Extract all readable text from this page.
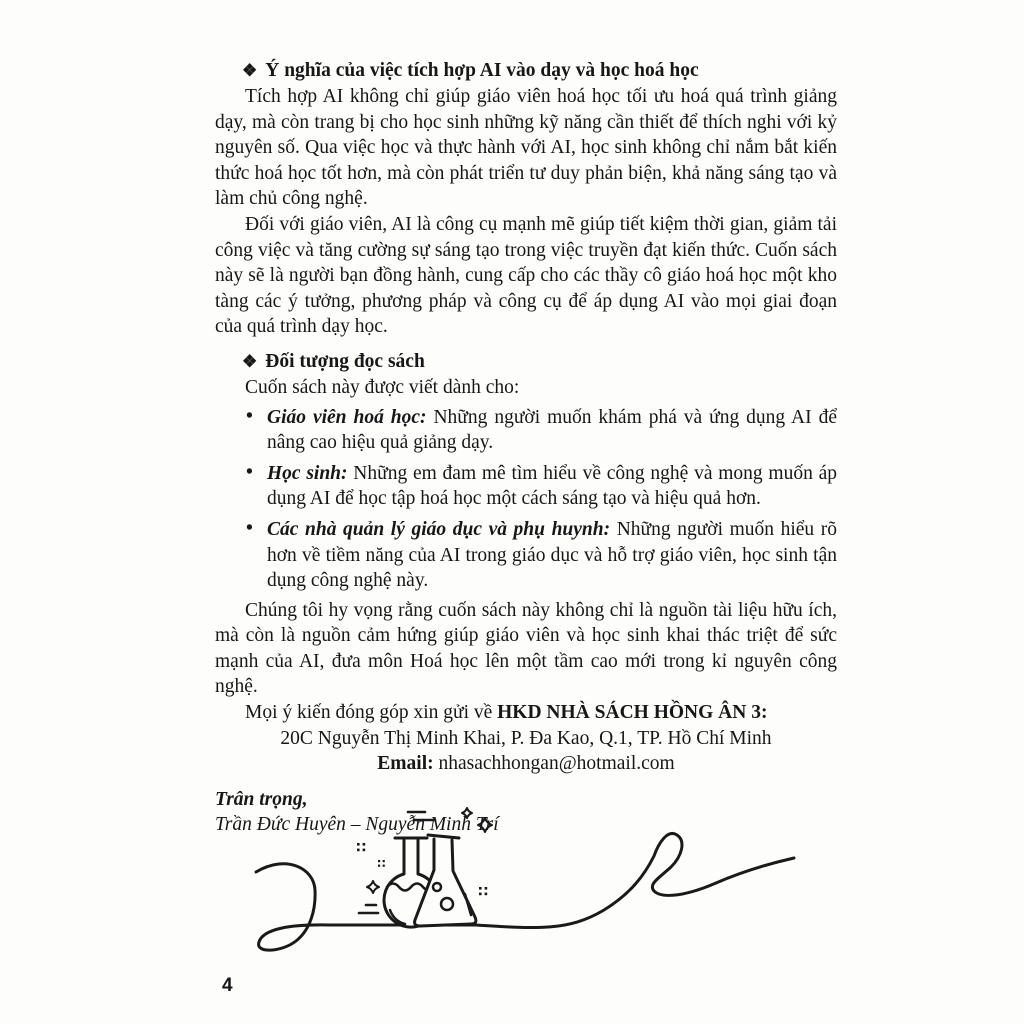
❖ Ý nghĩa của việc tích hợp AI vào dạy và học hoá học

Tích hợp AI không chỉ giúp giáo viên hoá học tối ưu hoá quá trình giảng dạy, mà còn trang bị cho học sinh những kỹ năng cần thiết để thích nghi với kỷ nguyên số. Qua việc học và thực hành với AI, học sinh không chỉ nắm bắt kiến thức hoá học tốt hơn, mà còn phát triển tư duy phản biện, khả năng sáng tạo và làm chủ công nghệ.

Đối với giáo viên, AI là công cụ mạnh mẽ giúp tiết kiệm thời gian, giảm tải công việc và tăng cường sự sáng tạo trong việc truyền đạt kiến thức. Cuốn sách này sẽ là người bạn đồng hành, cung cấp cho các thầy cô giáo hoá học một kho tàng các ý tưởng, phương pháp và công cụ để áp dụng AI vào mọi giai đoạn của quá trình dạy học.

❖ Đối tượng đọc sách

Cuốn sách này được viết dành cho:

• Giáo viên hoá học: Những người muốn khám phá và ứng dụng AI để nâng cao hiệu quả giảng dạy.
• Học sinh: Những em đam mê tìm hiểu về công nghệ và mong muốn áp dụng AI để học tập hoá học một cách sáng tạo và hiệu quả hơn.
• Các nhà quản lý giáo dục và phụ huynh: Những người muốn hiểu rõ hơn về tiềm năng của AI trong giáo dục và hỗ trợ giáo viên, học sinh tận dụng công nghệ này.

Chúng tôi hy vọng rằng cuốn sách này không chỉ là nguồn tài liệu hữu ích, mà còn là nguồn cảm hứng giúp giáo viên và học sinh khai thác triệt để sức mạnh của AI, đưa môn Hoá học lên một tầm cao mới trong kỉ nguyên công nghệ.

Mọi ý kiến đóng góp xin gửi về HKD NHÀ SÁCH HỒNG ÂN 3:

20C Nguyễn Thị Minh Khai, P. Đa Kao, Q.1, TP. Hồ Chí Minh

Email: nhasachhongan@hotmail.com

Trân trọng,

Trần Đức Huyên – Nguyễn Minh Trí

4
